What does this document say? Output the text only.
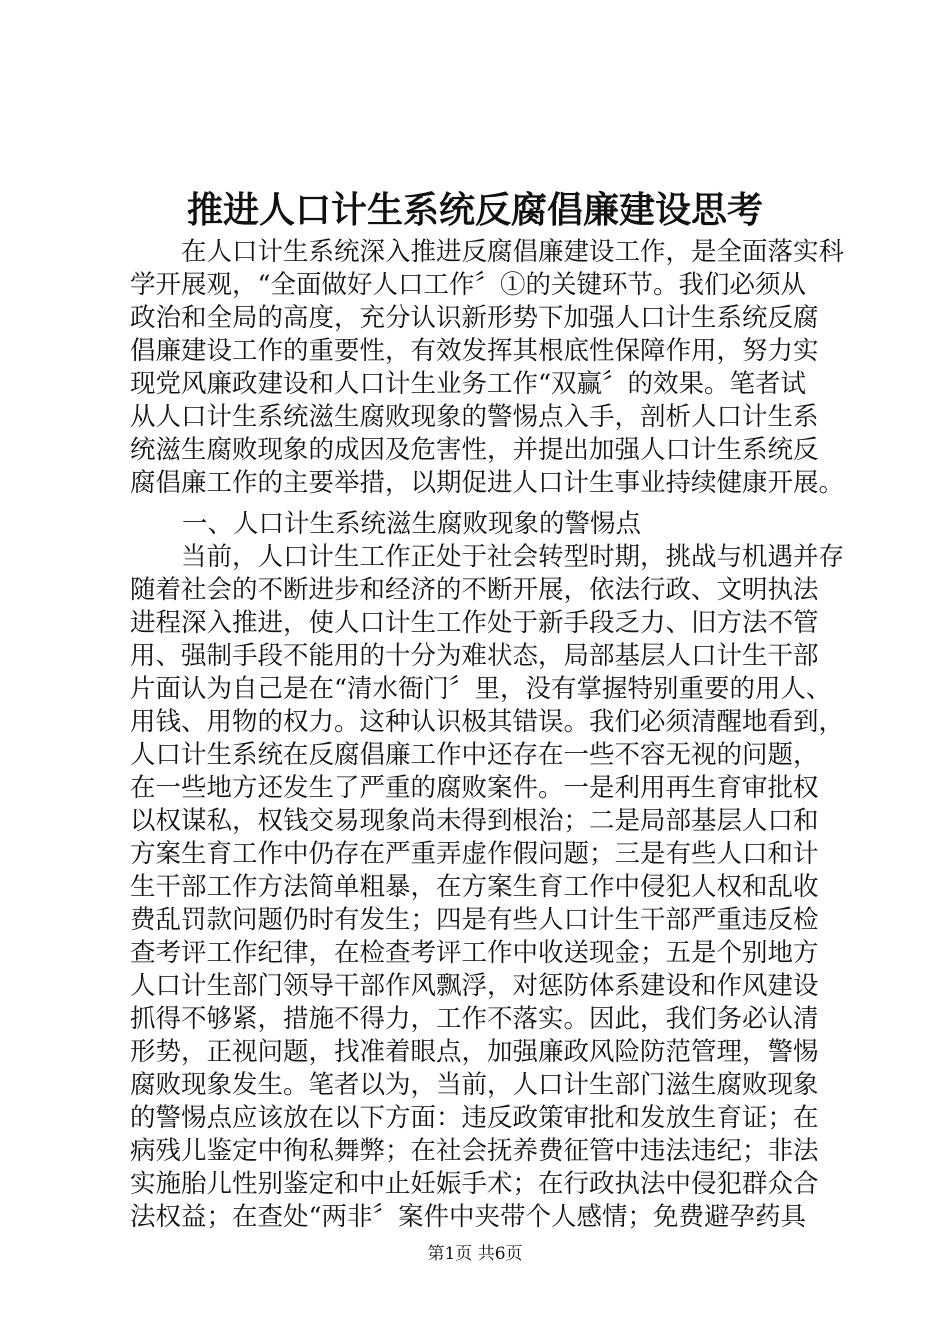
推进人口计生系统反腐倡廉建设思考
　　在人口计生系统深入推进反腐倡廉建设工作，是全面落实科
学开展观，“全面做好人口工作〞①的关键环节。我们必须从
政治和全局的高度，充分认识新形势下加强人口计生系统反腐
倡廉建设工作的重要性，有效发挥其根底性保障作用，努力实
现党风廉政建设和人口计生业务工作“双赢〞的效果。笔者试
从人口计生系统滋生腐败现象的警惕点入手，剖析人口计生系
统滋生腐败现象的成因及危害性，并提出加强人口计生系统反
腐倡廉工作的主要举措，以期促进人口计生事业持续健康开展。
一、人口计生系统滋生腐败现象的警惕点
　　当前，人口计生工作正处于社会转型时期，挑战与机遇并存
随着社会的不断进步和经济的不断开展，依法行政、文明执法
进程深入推进，使人口计生工作处于新手段乏力、旧方法不管
用、强制手段不能用的十分为难状态，局部基层人口计生干部
片面认为自己是在“清水衙门〞里，没有掌握特别重要的用人、
用钱、用物的权力。这种认识极其错误。我们必须清醒地看到，
人口计生系统在反腐倡廉工作中还存在一些不容无视的问题，
在一些地方还发生了严重的腐败案件。一是利用再生育审批权
以权谋私，权钱交易现象尚未得到根治；二是局部基层人口和
方案生育工作中仍存在严重弄虚作假问题；三是有些人口和计
生干部工作方法简单粗暴，在方案生育工作中侵犯人权和乱收
费乱罚款问题仍时有发生；四是有些人口计生干部严重违反检
查考评工作纪律，在检查考评工作中收送现金；五是个别地方
人口计生部门领导干部作风飘浮，对惩防体系建设和作风建设
抓得不够紧，措施不得力，工作不落实。因此，我们务必认清
形势，正视问题，找准着眼点，加强廉政风险防范管理，警惕
腐败现象发生。笔者以为，当前，人口计生部门滋生腐败现象
的警惕点应该放在以下方面：违反政策审批和发放生育证；在
病残儿鉴定中徇私舞弊；在社会抚养费征管中违法违纪；非法
实施胎儿性别鉴定和中止妊娠手术；在行政执法中侵犯群众合
法权益；在查处“两非〞案件中夹带个人感情；免费避孕药具
第1页 共6页
